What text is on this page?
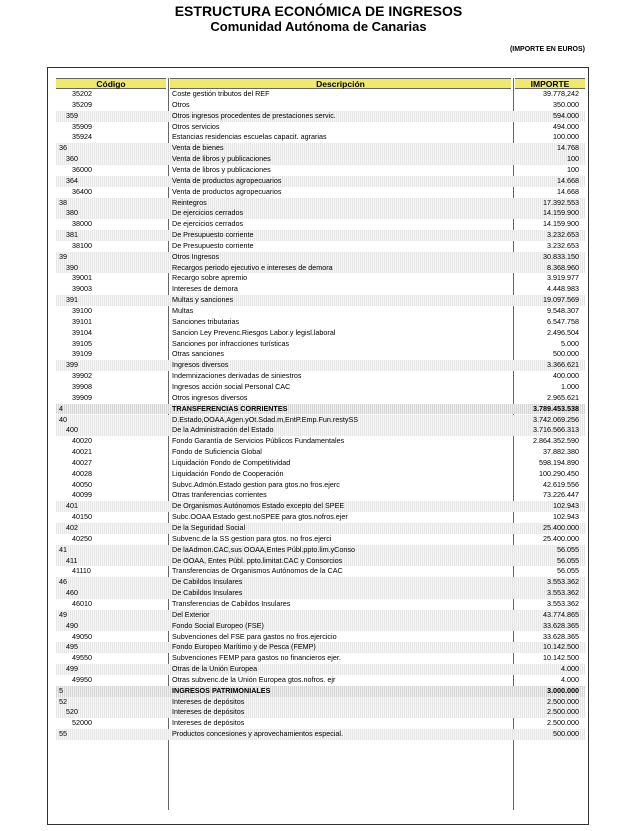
ESTRUCTURA ECONÓMICA DE INGRESOS
Comunidad Autónoma de Canarias
(IMPORTE EN EUROS)
Código	Descripción	IMPORTE
35202	Coste gestión tributos del REF	39.778,242
35209	Otros	350.000
359	Otros ingresos procedentes de prestaciones servic.	594.000
35909	Otros servicios	494.000
35924	Estancias residencias escuelas capacit. agrarias	100.000
36	Venta de bienes	14.768
360	Venta de libros y publicaciones	100
36000	Venta de libros y publicaciones	100
364	Venta de productos agropecuarios	14.668
36400	Venta de productos agropecuarios	14.668
38	Reintegros	17.392.553
380	De ejercicios cerrados	14.159.900
38000	De ejercicios cerrados	14.159.900
381	De Presupuesto corriente	3.232.653
38100	De Presupuesto corriente	3.232.653
39	Otros Ingresos	30.833.150
390	Recargos periodo ejecutivo e intereses de demora	8.368.960
39001	Recargo sobre apremio	3.919.977
39003	Intereses de demora	4.448.983
391	Multas y sanciones	19.097.569
39100	Multas	9.548.307
39101	Sanciones tributarias	6.547.758
39104	Sancion Ley Prevenc.Riesgos Labor.y legisl.laboral	2.496.504
39105	Sanciones por infracciones turísticas	5.000
39109	Otras sanciones	500.000
399	Ingresos diversos	3.366.621
39902	Indemnizaciones derivadas de siniestros	400.000
39908	Ingresos acción social Personal CAC	1.000
39909	Otros ingresos diversos	2.965.621
4	TRANSFERENCIAS CORRIENTES	3.789.453.538
40	D.Estado,OOAA,Agen.yOt.Sdad.m,EntP.Emp.Fun.restySS	3.742.069.256
400	De la Administración del Estado	3.716.566.313
40020	Fondo Garantía de Servicios Públicos Fundamentales	2.864.352.590
40021	Fondo de Suficiencia Global	37.882.380
40027	Liquidación Fondo de Competitividad	598.194.890
40028	Liquidación Fondo de Cooperación	100.290.450
40050	Subvc.Admón.Estado gestion para gtos.no fros.ejerc	42.619.556
40099	Otras tranferencias corrientes	73.226.447
401	De Organismos Autónomos Estado excepto del SPEE	102.943
40150	Subc.OOAA Estado gest.noSPEE para gtos.nofros.ejer	102.943
402	De la Seguridad Social	25.400.000
40250	Subvenc.de la SS gestion para gtos. no fros.ejerci	25.400.000
41	De laAdmon.CAC,sus OOAA,Entes Públ.ppto.lim.yConso	56.055
411	De OOAA, Entes Públ. ppto.limitat.CAC y Consorcios	56.055
41110	Transferencias de Organismos Autónomos de la CAC	56.055
46	De Cabildos Insulares	3.553.362
460	De Cabildos Insulares	3.553.362
46010	Transferencias de Cabildos Insulares	3.553.362
49	Del Exterior	43.774.865
490	Fondo Social Europeo (FSE)	33.628.365
49050	Subvenciones del FSE para gastos no fros.ejercicio	33.628.365
495	Fondo Europeo Marítimo y de Pesca (FEMP)	10.142.500
49550	Subvenciones FEMP para gastos no financieros ejer.	10.142.500
499	Otras de la Unión Europea	4.000
49950	Otras subvenc.de la Unión Europea gtos.nofros. ejr	4.000
5	INGRESOS PATRIMONIALES	3.000.000
52	Intereses de depósitos	2.500.000
520	Intereses de depósitos	2.500.000
52000	Intereses de depósitos	2.500.000
55	Productos concesiones y aprovechamientos especial.	500.000
